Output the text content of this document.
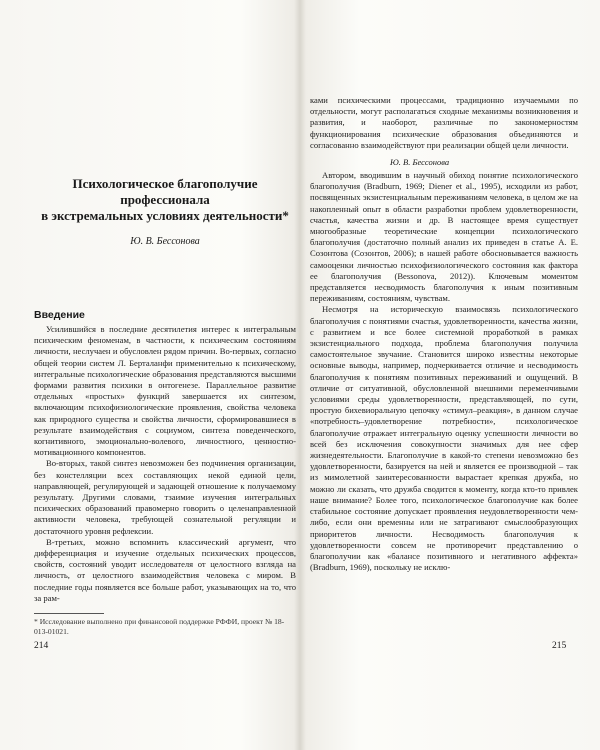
Психологическое благополучие
профессионала
в экстремальных условиях деятельности*
Ю. В. Бессонова
Введение

Усилившийся в последние десятилетия интерес к интегральным психическим феноменам, в частности, к психическим состояниям личности, неслучаен и обусловлен рядом причин. Во-первых, согласно общей теории систем Л. Берталанфи применительно к психическому, интегральные психологические образования представляются высшими формами развития психики в онтогенезе. Параллельное развитие отдельных «простых» функций завершается их синтезом, включающим психофизиологические проявления, свойства человека как природного существа и свойства личности, сформировавшиеся в результате взаимодействия с социумом, синтеза поведенческого, когнитивного, эмоционально-волевого, личностного, ценностно-мотивационного компонентов.

Во-вторых, такой синтез невозможен без подчинения организации, без констелляции всех составляющих некой единой цели, направляющей, регулирующей и задающей отношение к получаемому результату. Другими словами, тзаимие изучения интегральных психических образований правомерно говорить о целенаправленной активности человека, требующей сознательной регуляции и достаточного уровня рефлексии.

В-третьих, можно вспомнить классический аргумент, что дифференциация и изучение отдельных психических процессов, свойств, состояний уводит исследователя от целостного взгляда на личность, от целостного взаимодействия человека с миром. В последние годы появляется все больше работ, указывающих на то, что за рам-

* Исследование выполнено при финансовой поддержке РФФИ, проект № 18-013-01021.
214

ками психическими процессами, традиционно изучаемыми по отдельности, могут располагаться сходные механизмы возникновения и развития, и наоборот, различные по закономерностям функционирования психические образования объединяются и согласованно взаимодействуют при реализации общей цели личности.

Ю. В. Бессонова

Автором, вводившим в научный обиход понятие психологического благополучия (Bradburn, 1969; Diener et al., 1995), исходили из работ, посвященных экзистенциальным переживаниям человека, в целом же на накопленный опыт в области разработки проблем удовлетворенности, счастья, качества жизни и др. В настоящее время существует многообразные теоретические концепции психологического благополучия (достаточно полный анализ их приведен в статье А. Е. Созонтова (Созонтов, 2006); в нашей работе обосновывается важность самооценки личностью психофизиологического состояния как фактора ее благополучия (Bessonova, 2012)). Ключевым моментом представляется несводимость благополучия к иным позитивным переживаниям, состояниям, чувствам.

Несмотря на историческую взаимосвязь психологического благополучия с понятиями счастья, удовлетворенности, качества жизни, с развитием и все более системной проработкой в рамках экзистенциального подхода, проблема благополучия получила самостоятельное звучание. Становится широко известны некоторые основные выводы, например, подчеркивается отличие и несводимость благополучия к понятиям позитивных переживаний и ощущений. В отличие от ситуативной, обусловленной внешними переменчивыми условиями среды удовлетворенности, представляющей, по сути, простую бихевиоральную цепочку «стимул–реакция», в данном случае «потребность–удовлетворение потребности», психологическое благополучие отражает интегральную оценку успешности личности во всей без исключения совокупности значимых для нее сфер жизнедеятельности. Благополучие в какой-то степени невозможно без удовлетворенности, базируется на ней и является ее производной – так из мимолетной заинтересованности вырастает крепкая дружба, но можно ли сказать, что дружба сводится к моменту, когда кто-то привлек наше внимание? Более того, психологическое благополучие как более стабильное состояние допускает проявления неудовлетворенности чем-либо, если они временны или не затрагивают смыслообразующих приоритетов личности. Несводимость благополучия к удовлетворенности совсем не противоречит представлению о благополучии как «балансе позитивного и негативного аффекта» (Bradburn, 1969), поскольку не исклю-

215
